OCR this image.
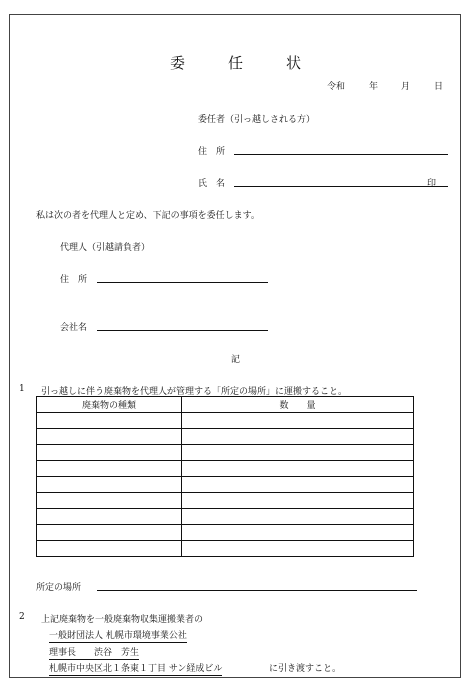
委　任　状
令和	年	月	日
委任者（引っ越しされる方）
住　所
氏　名	印
私は次の者を代理人と定め、下記の事項を委任します。
代理人（引越請負者）
住　所
会社名
記
1 引っ越しに伴う廃棄物を代理人が管理する「所定の場所」に運搬すること。
廃棄物の種類	数　　量

所定の場所
2 上記廃棄物を一般廃棄物収集運搬業者の
一般財団法人 札幌市環境事業公社
理事長　　渋谷　芳生
札幌市中央区北１条東１丁目 サン経成ビル	に引き渡すこと。
